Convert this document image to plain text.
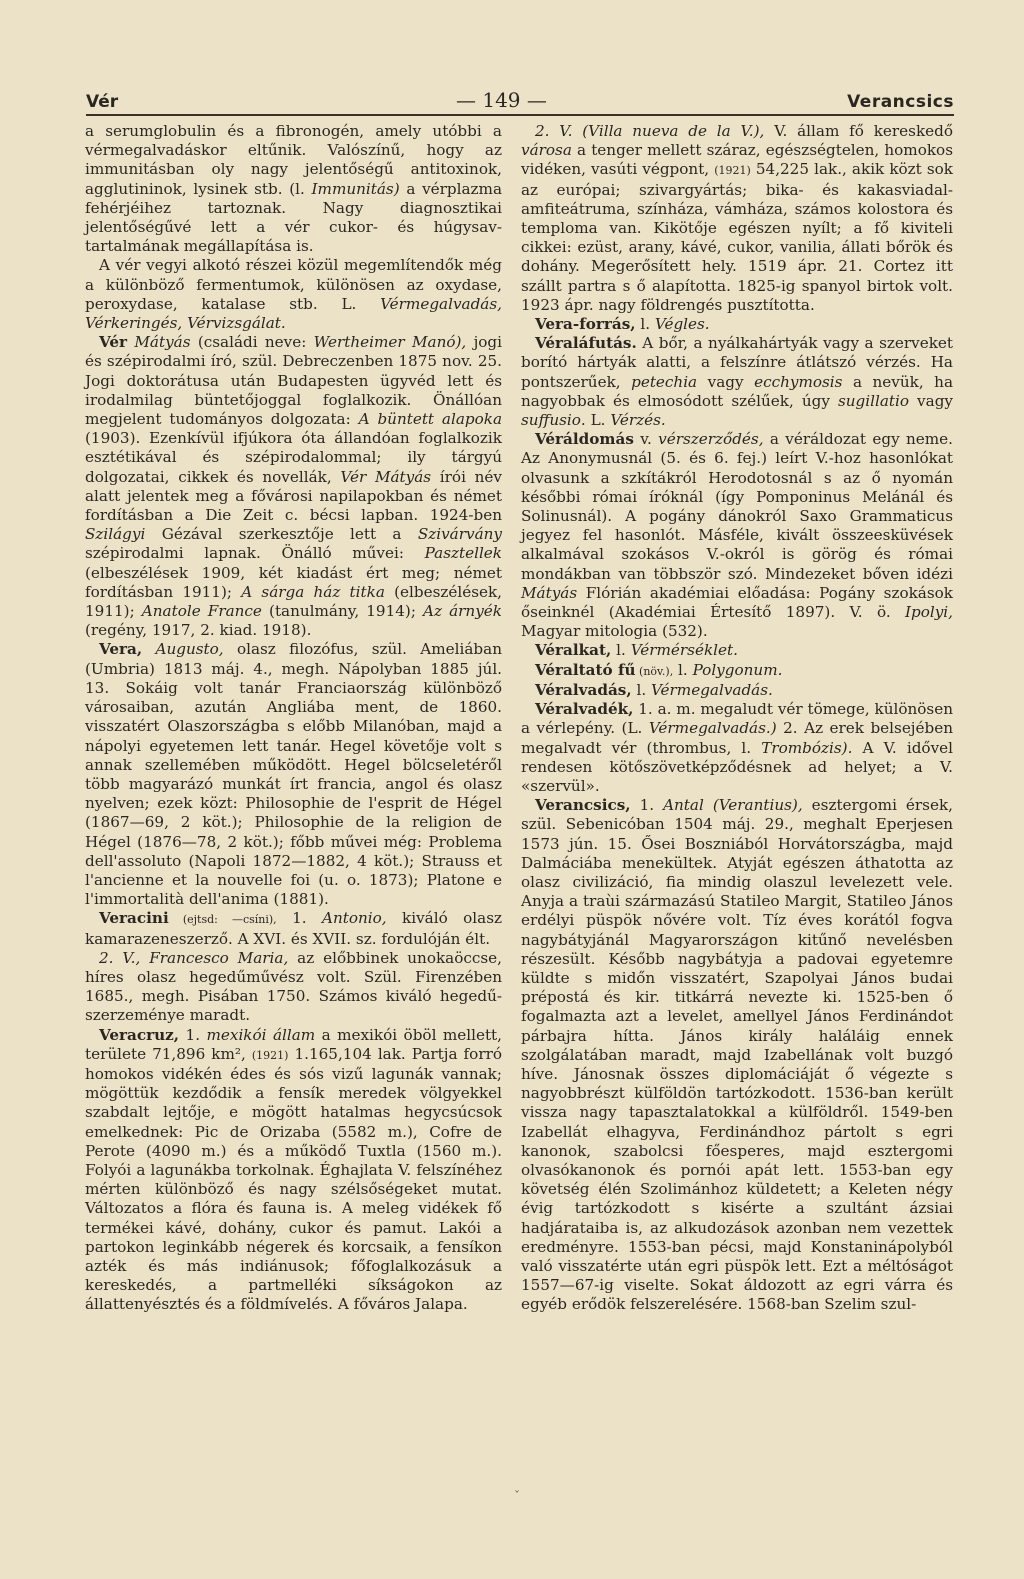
Vér	— 149 —	Verancsics

a serumglobulin és a fibronogén, amely utóbbi a vérmegalvadáskor eltűnik. Valószínű, hogy az immunitásban oly nagy jelentőségű antitoxinok, agglutininok, lysinek stb. (l. Immunitás) a vérplazma fehérjéihez tartoznak. Nagy diagnosztikai jelentőségűvé lett a vér cukor- és húgysav-tartalmának megállapítása is.

A vér vegyi alkotó részei közül megemlítendők még a különböző fermentumok, különösen az oxydase, peroxydase, katalase stb. L. Vérmegalvadás, Vérkeringés, Vérvizsgálat.

Vér Mátyás (családi neve: Wertheimer Manó), jogi és szépirodalmi író, szül. Debreczenben 1875 nov. 25. Jogi doktorátusa után Budapesten ügyvéd lett és irodalmilag büntetőjoggal foglalkozik. Önállóan megjelent tudományos dolgozata: A büntett alapoka (1903). Ezenkívül ifjúkora óta állandóan foglalkozik esztétikával és szépirodalommal; ily tárgyú dolgozatai, cikkek és novellák, Vér Mátyás írói név alatt jelentek meg a fővárosi napilapokban és német fordításban a Die Zeit c. bécsi lapban. 1924-ben Szilágyi Gézával szerkesztője lett a Szivárvány szépirodalmi lapnak. Önálló művei: Pasztellek (elbeszélések 1909, két kiadást ért meg; német fordításban 1911); A sárga ház titka (elbeszélések, 1911); Anatole France (tanulmány, 1914); Az árnyék (regény, 1917, 2. kiad. 1918).

Vera, Augusto, olasz filozófus, szül. Ameliában (Umbria) 1813 máj. 4., megh. Nápolyban 1885 júl. 13. Sokáig volt tanár Franciaország különböző városaiban, azután Angliába ment, de 1860. visszatért Olaszországba s előbb Milanóban, majd a nápolyi egyetemen lett tanár. Hegel követője volt s annak szellemében működött. Hegel bölcseletéről több magyarázó munkát írt francia, angol és olasz nyelven; ezek közt: Philosophie de l'esprit de Hégel (1867—69, 2 köt.); Philosophie de la religion de Hégel (1876—78, 2 köt.); főbb művei még: Problema dell'assoluto (Napoli 1872—1882, 4 köt.); Strauss et l'ancienne et la nouvelle foi (u. o. 1873); Platone e l'immortalità dell'anima (1881).

Veracini (ejtsd: —csíni), 1. Antonio, kiváló olasz kamarazeneszerző. A XVI. és XVII. sz. fordulóján élt.

2. V., Francesco Maria, az előbbinek unokaöccse, híres olasz hegedűművész volt. Szül. Firenzében 1685., megh. Pisában 1750. Számos kiváló hegedű-szerzeménye maradt.

Veracruz, 1. mexikói állam a mexikói öböl mellett, területe 71,896 km², (1921) 1.165,104 lak. Partja forró homokos vidékén édes és sós vizű lagunák vannak; mögöttük kezdődik a fensík meredek völgyekkel szabdalt lejtője, e mögött hatalmas hegycsúcsok emelkednek: Pic de Orizaba (5582 m.), Cofre de Perote (4090 m.) és a működő Tuxtla (1560 m.). Folyói a lagunákba torkolnak. Éghajlata V. felszínéhez mérten különböző és nagy szélsőségeket mutat. Változatos a flóra és fauna is. A meleg vidékek fő termékei kávé, dohány, cukor és pamut. Lakói a partokon leginkább négerek és korcsaik, a fensíkon azték és más indiánusok; főfoglalkozásuk a kereskedés, a partmelléki síkságokon az állattenyésztés és a földmívelés. A főváros Jalapa.

2. V. (Villa nueva de la V.), V. állam fő kereskedő városa a tenger mellett száraz, egészségtelen, homokos vidéken, vasúti végpont, (1921) 54,225 lak., akik közt sok az európai; szivargyártás; bika- és kakasviadal-amfiteátruma, színháza, vámháza, számos kolostora és temploma van. Kikötője egészen nyílt; a fő kiviteli cikkei: ezüst, arany, kávé, cukor, vanilia, állati bőrök és dohány. Megerősített hely. 1519 ápr. 21. Cortez itt szállt partra s ő alapította. 1825-ig spanyol birtok volt. 1923 ápr. nagy földrengés pusztította.

Vera-forrás, l. Végles.

Véraláfutás. A bőr, a nyálkahártyák vagy a szerveket borító hártyák alatti, a felszínre átlátszó vérzés. Ha pontszerűek, petechia vagy ecchymosis a nevük, ha nagyobbak és elmosódott szélűek, úgy sugillatio vagy suffusio. L. Vérzés.

Véráldomás v. vérszerződés, a véráldozat egy neme. Az Anonymusnál (5. és 6. fej.) leírt V.-hoz hasonlókat olvasunk a szkítákról Herodotosnál s az ő nyomán későbbi római íróknál (így Pomponinus Melánál és Solinusnál). A pogány dánokról Saxo Grammaticus jegyez fel hasonlót. Másféle, kivált összeesküvések alkalmával szokásos V.-okról is görög és római mondákban van többször szó. Mindezeket bőven idézi Mátyás Flórián akadémiai előadása: Pogány szokások őseinknél (Akadémiai Értesítő 1897). V. ö. Ipolyi, Magyar mitologia (532).

Véralkat, l. Vérmérséklet.

Véraltató fű (növ.), l. Polygonum.

Véralvadás, l. Vérmegalvadás.

Véralvadék, 1. a. m. megaludt vér tömege, különösen a vérlepény. (L. Vérmegalvadás.) 2. Az erek belsejében megalvadt vér (thrombus, l. Trombózis). A V. idővel rendesen kötőszövetképződésnek ad helyet; a V. «szervül».

Verancsics, 1. Antal (Verantius), esztergomi érsek, szül. Sebenicóban 1504 máj. 29., meghalt Eperjesen 1573 jún. 15. Ősei Boszniából Horvátországba, majd Dalmáciába menekültek. Atyját egészen áthatotta az olasz civilizáció, fia mindig olaszul levelezett vele. Anyja a traùi származású Statileo Margit, Statileo János erdélyi püspök nővére volt. Tíz éves korától fogva nagybátyjánál Magyarországon kitűnő nevelésben részesült. Később nagybátyja a padovai egyetemre küldte s midőn visszatért, Szapolyai János budai prépostá és kir. titkárrá nevezte ki. 1525-ben ő fogalmazta azt a levelet, amellyel János Ferdinándot párbajra hítta. János király haláláig ennek szolgálatában maradt, majd Izabellának volt buzgó híve. Jánosnak összes diplomáciáját ő végezte s nagyobbrészt külföldön tartózkodott. 1536-ban került vissza nagy tapasztalatokkal a külföldről. 1549-ben Izabellát elhagyva, Ferdinándhoz pártolt s egri kanonok, szabolcsi főesperes, majd esztergomi olvasókanonok és pornói apát lett. 1553-ban egy követség élén Szolimánhoz küldetett; a Keleten négy évig tartózkodott s kisérte a szultánt ázsiai hadjárataiba is, az alkudozások azonban nem vezettek eredményre. 1553-ban pécsi, majd Konstaninápolyból való visszatérte után egri püspök lett. Ezt a méltóságot 1557—67-ig viselte. Sokat áldozott az egri várra és egyéb erődök felszerelésére. 1568-ban Szelim szul-

ˇ
